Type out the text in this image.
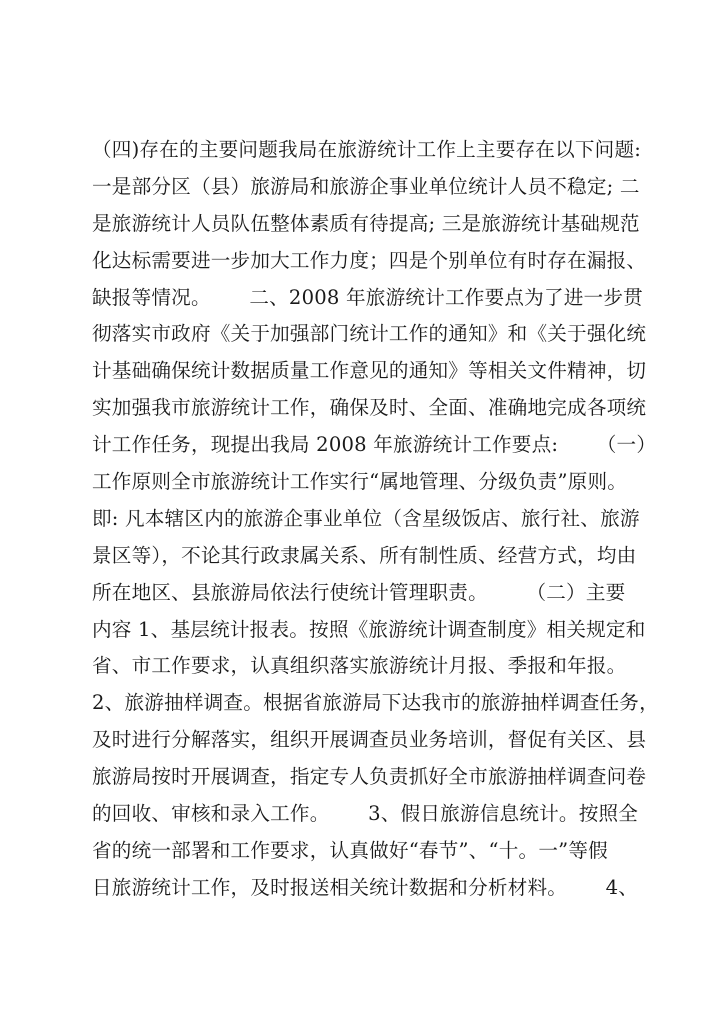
（四)存在的主要问题我局在旅游统计工作上主要存在以下问题:
一是部分区（县）旅游局和旅游企事业单位统计人员不稳定; 二
是旅游统计人员队伍整体素质有待提高; 三是旅游统计基础规范
化达标需要进一步加大工作力度；四是个别单位有时存在漏报、
缺报等情况。      二、2008 年旅游统计工作要点为了进一步贯
彻落实市政府《关于加强部门统计工作的通知》和《关于强化统
计基础确保统计数据质量工作意见的通知》等相关文件精神，切
实加强我市旅游统计工作，确保及时、全面、准确地完成各项统
计工作任务，现提出我局 2008 年旅游统计工作要点:      （一）
工作原则全市旅游统计工作实行“属地管理、分级负责”原则。
即: 凡本辖区内的旅游企事业单位（含星级饭店、旅行社、旅游
景区等），不论其行政隶属关系、所有制性质、经营方式，均由
所在地区、县旅游局依法行使统计管理职责。      （二）主要
内容 1、基层统计报表。按照《旅游统计调查制度》相关规定和
省、市工作要求，认真组织落实旅游统计月报、季报和年报。
2、旅游抽样调查。根据省旅游局下达我市的旅游抽样调查任务，
及时进行分解落实，组织开展调查员业务培训，督促有关区、县
旅游局按时开展调查，指定专人负责抓好全市旅游抽样调查问卷
的回收、审核和录入工作。      3、假日旅游信息统计。按照全
省的统一部署和工作要求，认真做好“春节”、“十。一”等假
日旅游统计工作，及时报送相关统计数据和分析材料。      4、
